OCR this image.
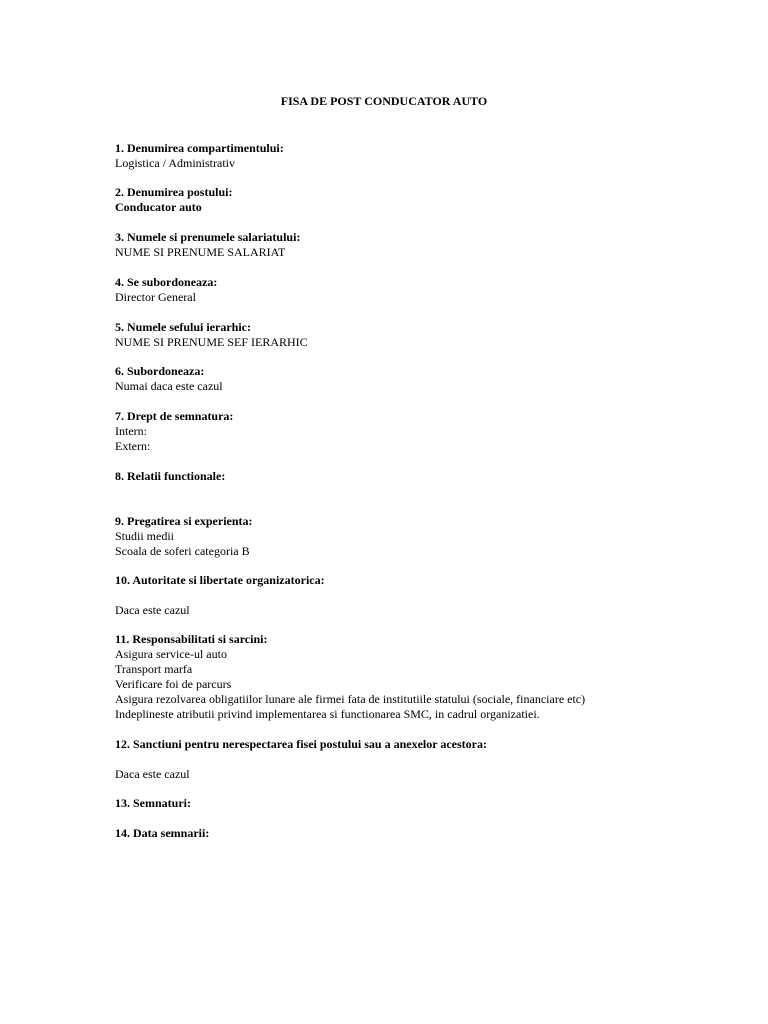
FISA DE POST CONDUCATOR AUTO

1. Denumirea compartimentului:

Logistica / Administrativ

2. Denumirea postului:

Conducator auto

3. Numele si prenumele salariatului:

NUME SI PRENUME SALARIAT

4. Se subordoneaza:

Director General

5. Numele sefului ierarhic:

NUME SI PRENUME SEF IERARHIC

6. Subordoneaza:

Numai daca este cazul

7. Drept de semnatura:

Intern:

Extern:

8. Relatii functionale:

9. Pregatirea si experienta:

Studii medii

Scoala de soferi categoria B

10. Autoritate si libertate organizatorica:

Daca este cazul

11. Responsabilitati si sarcini:

Asigura service-ul auto

Transport marfa

Verificare foi de parcurs

Asigura rezolvarea obligatiilor lunare ale firmei fata de institutiile statului (sociale, financiare etc)

Indeplineste atributii privind implementarea si functionarea SMC, in cadrul organizatiei.

12. Sanctiuni pentru nerespectarea fisei postului sau a anexelor acestora:

Daca este cazul

13. Semnaturi:

14. Data semnarii:
